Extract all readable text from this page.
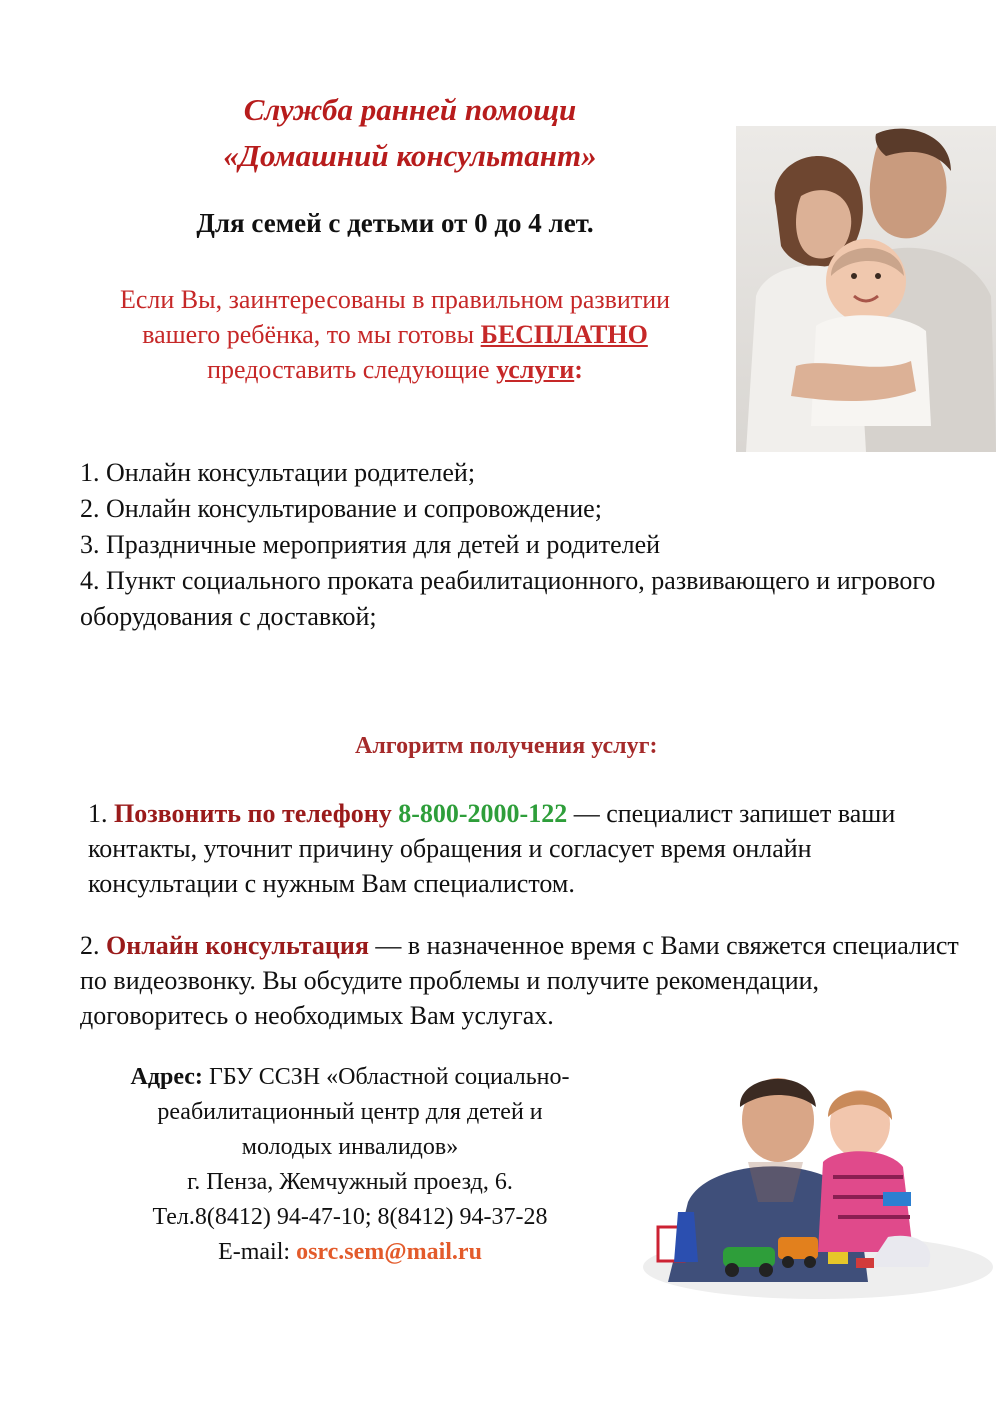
Служба ранней помощи
«Домашний консультант»
Для семей с детьми от 0 до 4 лет.
Если Вы, заинтересованы в правильном развитии
вашего ребёнка, то мы готовы БЕСПЛАТНО
предоставить следующие услуги:
1. Онлайн консультации родителей;
2. Онлайн консультирование и сопровождение;
3. Праздничные мероприятия для детей и родителей
4. Пункт социального проката реабилитационного, развивающего и игрового оборудования с доставкой;
Алгоритм получения услуг:
1. Позвонить по телефону 8-800-2000-122 — специалист запишет ваши контакты, уточнит причину обращения и согласует время онлайн консультации с нужным Вам специалистом.
2. Онлайн консультация — в назначенное время с Вами свяжется специалист по видеозвонку. Вы обсудите проблемы и получите рекомендации, договоритесь о необходимых Вам услугах.
Адрес: ГБУ ССЗН «Областной социально-реабилитационный центр для детей и молодых инвалидов»
г. Пенза, Жемчужный проезд, 6.
Тел.8(8412) 94-47-10; 8(8412) 94-37-28
E-mail: osrc.sem@mail.ru
